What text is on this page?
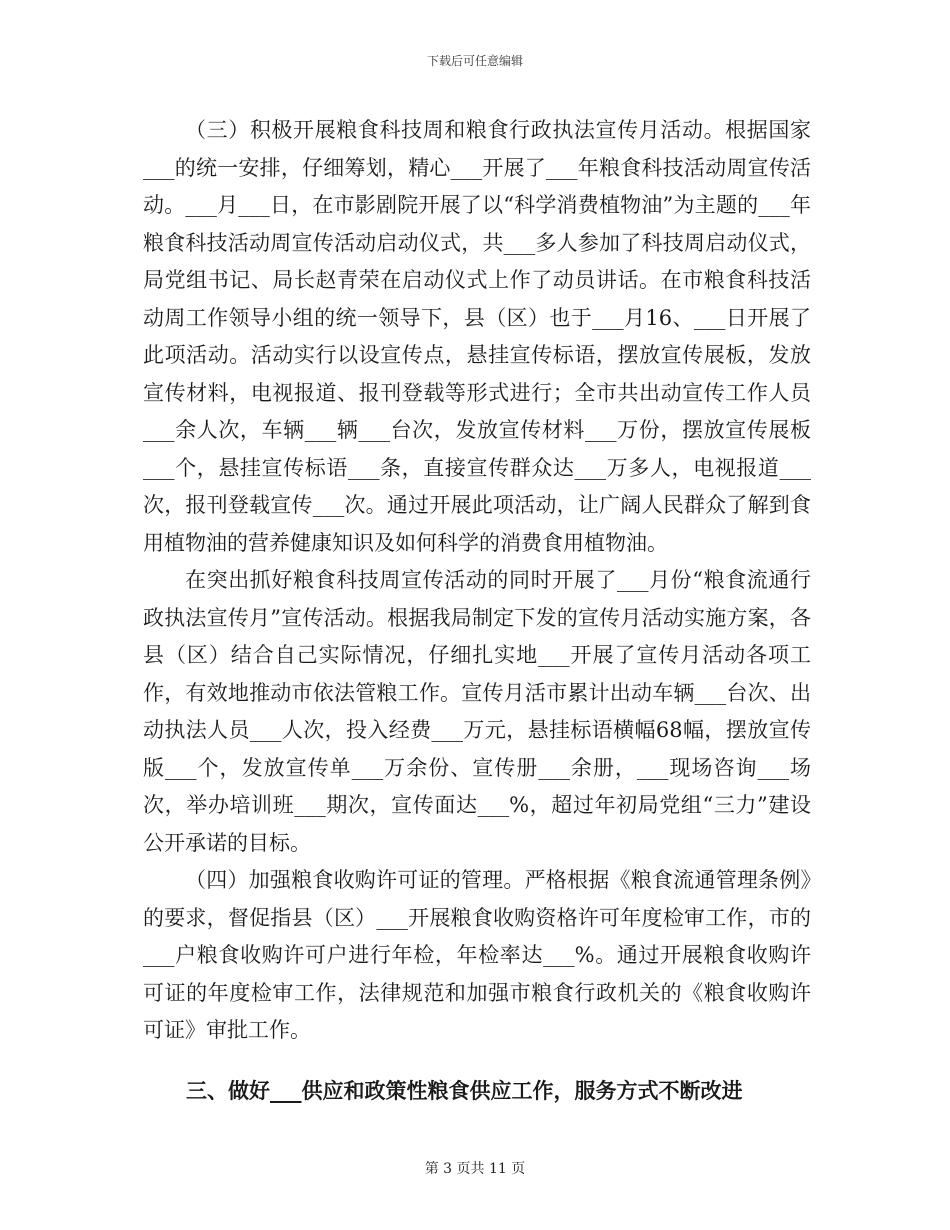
下载后可任意编辑

（三）积极开展粮食科技周和粮食行政执法宣传月活动。根据国家___的统一安排，仔细筹划，精心___开展了___年粮食科技活动周宣传活动。___月___日，在市影剧院开展了以“科学消费植物油”为主题的___年粮食科技活动周宣传活动启动仪式，共___多人参加了科技周启动仪式，局党组书记、局长赵青荣在启动仪式上作了动员讲话。在市粮食科技活动周工作领导小组的统一领导下，县（区）也于___月16、___日开展了此项活动。活动实行以设宣传点，悬挂宣传标语，摆放宣传展板，发放宣传材料，电视报道、报刊登载等形式进行；全市共出动宣传工作人员___余人次，车辆___辆___台次，发放宣传材料___万份，摆放宣传展板___个，悬挂宣传标语___条，直接宣传群众达___万多人，电视报道___次，报刊登载宣传___次。通过开展此项活动，让广阔人民群众了解到食用植物油的营养健康知识及如何科学的消费食用植物油。

在突出抓好粮食科技周宣传活动的同时开展了___月份“粮食流通行政执法宣传月”宣传活动。根据我局制定下发的宣传月活动实施方案，各县（区）结合自己实际情况，仔细扎实地___开展了宣传月活动各项工作，有效地推动市依法管粮工作。宣传月活市累计出动车辆___台次、出动执法人员___人次，投入经费___万元，悬挂标语横幅68幅，摆放宣传版___个，发放宣传单___万余份、宣传册___余册，___现场咨询___场次，举办培训班___期次，宣传面达___%，超过年初局党组“三力”建设公开承诺的目标。

（四）加强粮食收购许可证的管理。严格根据《粮食流通管理条例》的要求，督促指县（区）___开展粮食收购资格许可年度检审工作，市的___户粮食收购许可户进行年检，年检率达___%。通过开展粮食收购许可证的年度检审工作，法律规范和加强市粮食行政机关的《粮食收购许可证》审批工作。

三、做好___供应和政策性粮食供应工作，服务方式不断改进
第 3 页共 11 页
